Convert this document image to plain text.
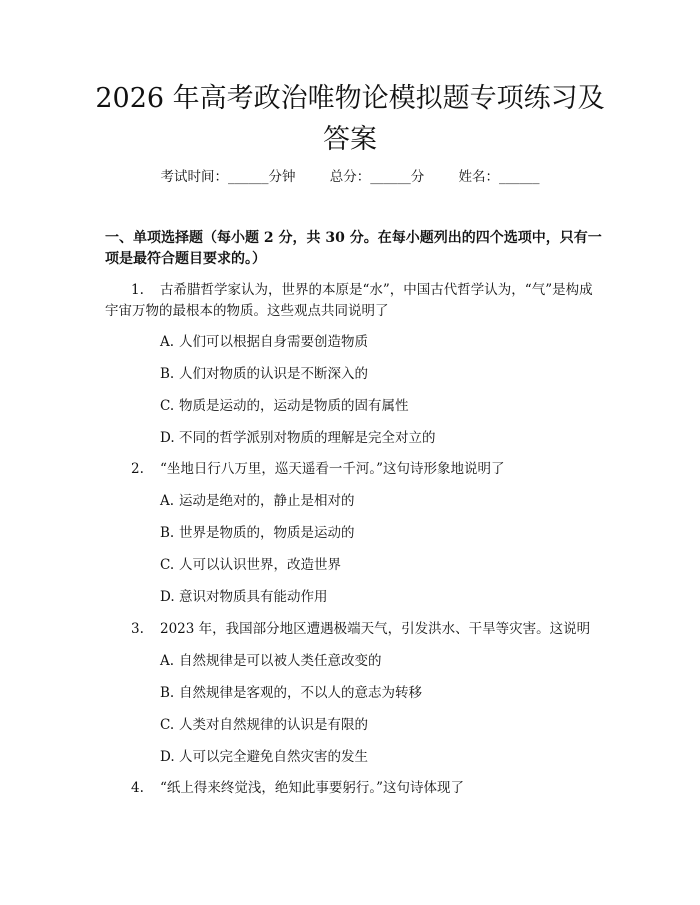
2026 年高考政治唯物论模拟题专项练习及答案
考试时间：______分钟	总分：______分	姓名：______

一、单项选择题（每小题 2 分，共 30 分。在每小题列出的四个选项中，只有一项是最符合题目要求的。）

1. 古希腊哲学家认为，世界的本原是“水”，中国古代哲学认为，“气”是构成宇宙万物的最根本的物质。这些观点共同说明了

A. 人们可以根据自身需要创造物质
B. 人们对物质的认识是不断深入的
C. 物质是运动的，运动是物质的固有属性
D. 不同的哲学派别对物质的理解是完全对立的

2. “坐地日行八万里，巡天遥看一千河。”这句诗形象地说明了

A. 运动是绝对的，静止是相对的
B. 世界是物质的，物质是运动的
C. 人可以认识世界，改造世界
D. 意识对物质具有能动作用

3. 2023 年，我国部分地区遭遇极端天气，引发洪水、干旱等灾害。这说明

A. 自然规律是可以被人类任意改变的
B. 自然规律是客观的，不以人的意志为转移
C. 人类对自然规律的认识是有限的
D. 人可以完全避免自然灾害的发生

4. “纸上得来终觉浅，绝知此事要躬行。”这句诗体现了
